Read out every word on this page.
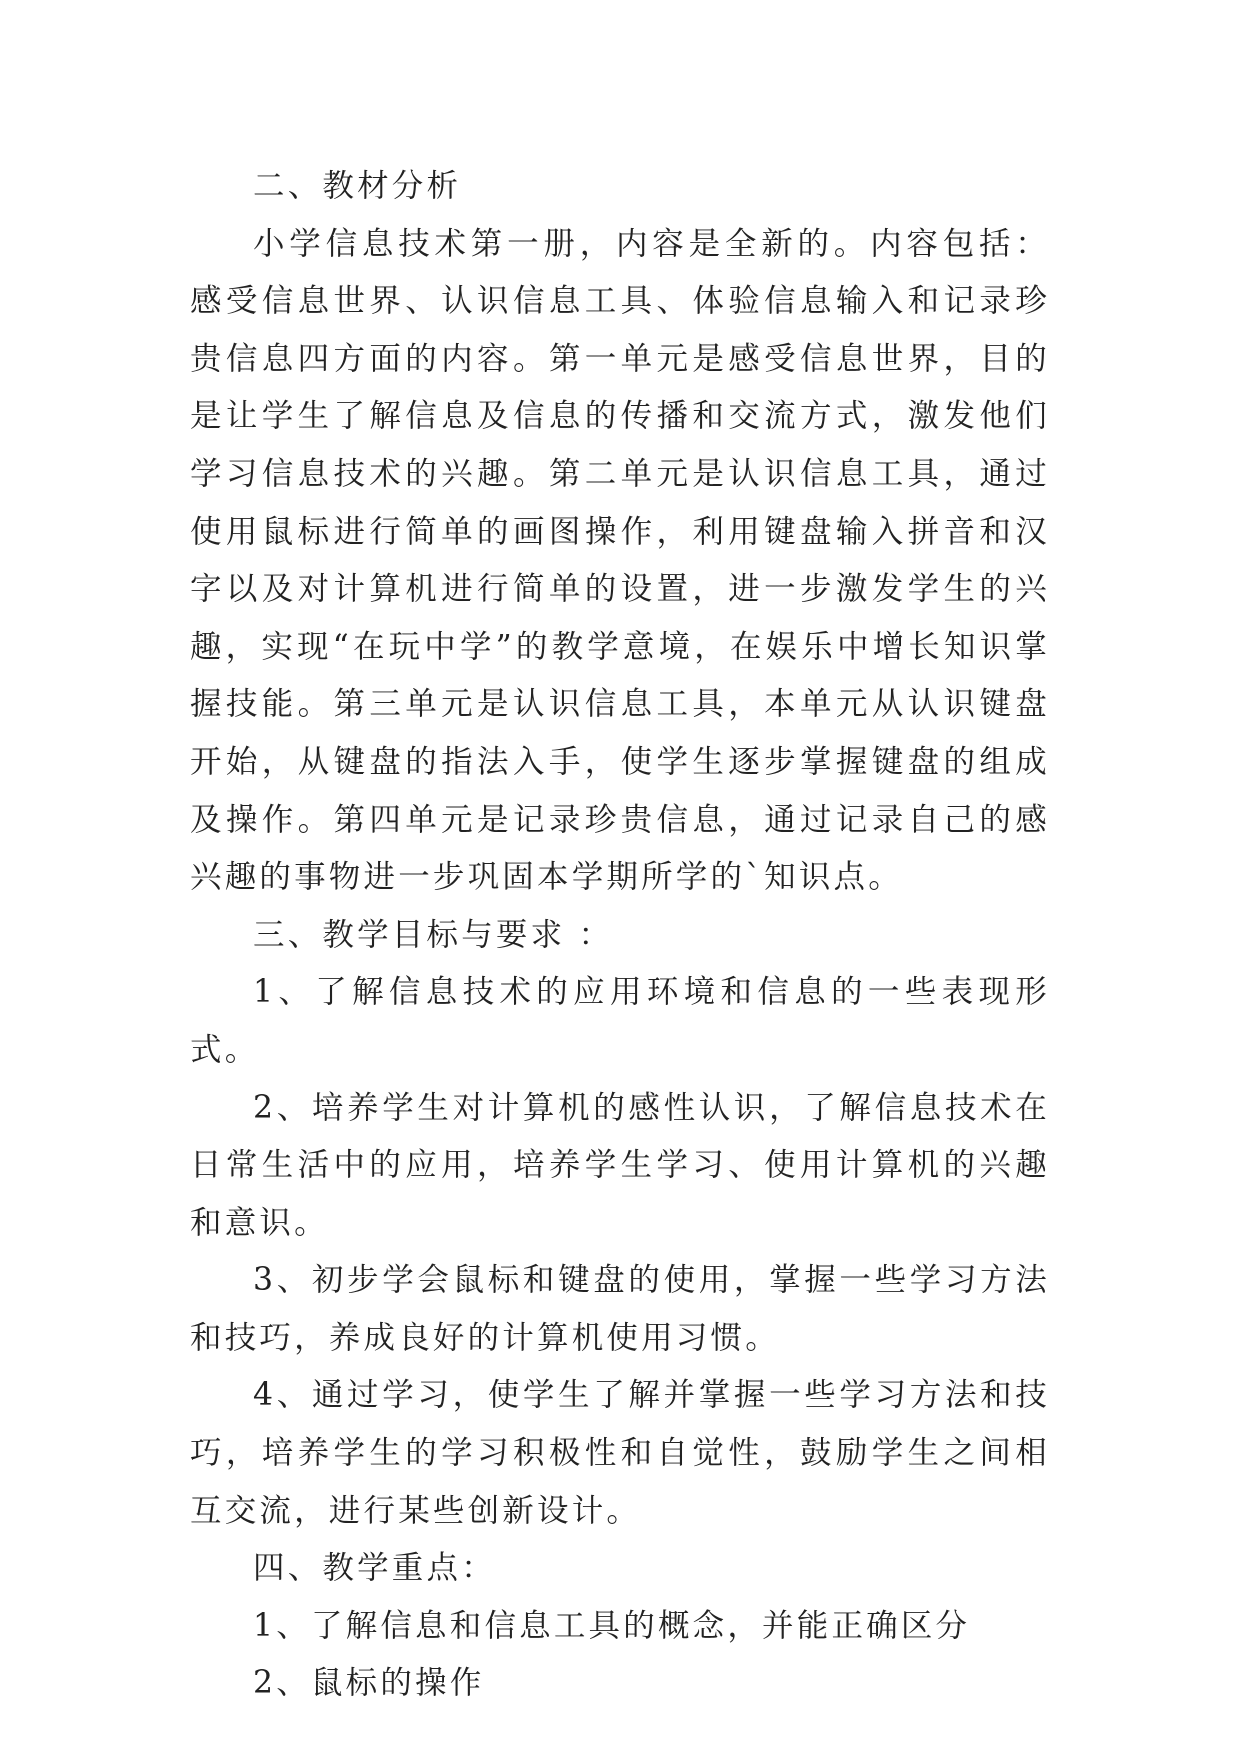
二、教材分析

小学信息技术第一册，内容是全新的。内容包括：感受信息世界、认识信息工具、体验信息输入和记录珍贵信息四方面的内容。第一单元是感受信息世界，目的是让学生了解信息及信息的传播和交流方式，激发他们学习信息技术的兴趣。第二单元是认识信息工具，通过使用鼠标进行简单的画图操作，利用键盘输入拼音和汉字以及对计算机进行简单的设置，进一步激发学生的兴趣，实现“在玩中学”的教学意境，在娱乐中增长知识掌握技能。第三单元是认识信息工具，本单元从认识键盘开始，从键盘的指法入手，使学生逐步掌握键盘的组成及操作。第四单元是记录珍贵信息，通过记录自己的感兴趣的事物进一步巩固本学期所学的`知识点。

三、教学目标与要求 ：

1、了解信息技术的应用环境和信息的一些表现形式。

2、培养学生对计算机的感性认识，了解信息技术在日常生活中的应用，培养学生学习、使用计算机的兴趣和意识。

3、初步学会鼠标和键盘的使用，掌握一些学习方法和技巧，养成良好的计算机使用习惯。

4、通过学习，使学生了解并掌握一些学习方法和技巧，培养学生的学习积极性和自觉性，鼓励学生之间相互交流，进行某些创新设计。

四、教学重点：

1、了解信息和信息工具的概念，并能正确区分

2、鼠标的操作
